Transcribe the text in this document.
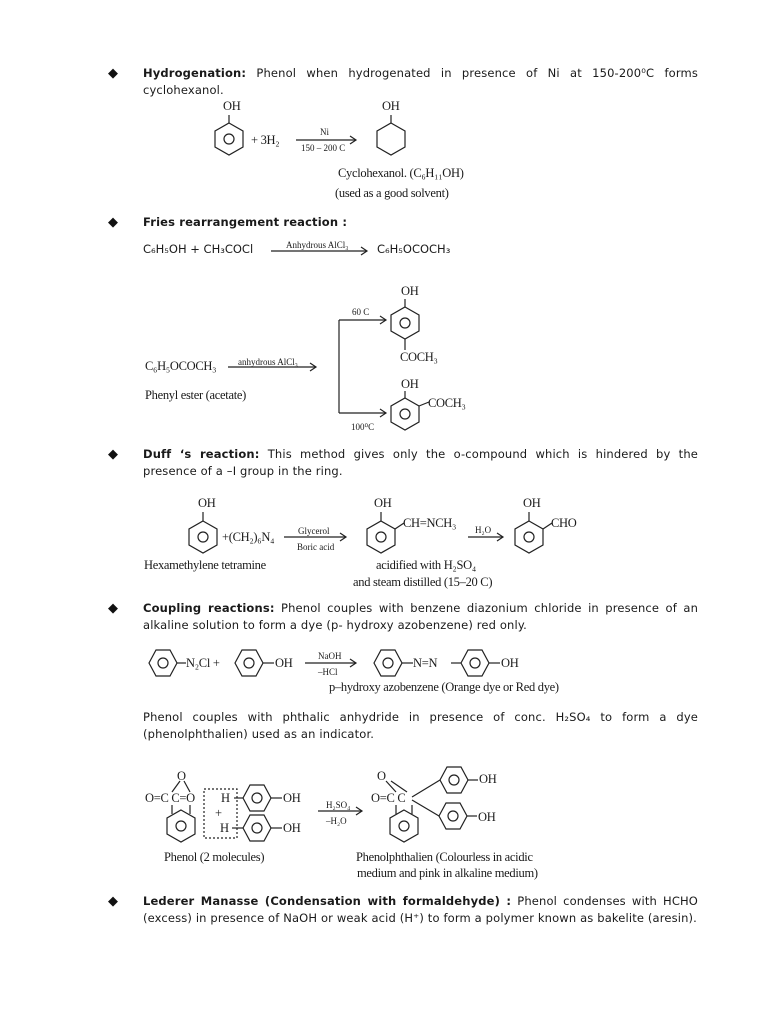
◆
◆
◆
◆
◆
Hydrogenation: Phenol when hydrogenated in presence of Ni at 150-200⁰C forms cyclohexanol.
OH
+ 3H₂
Ni
150 – 200 C
OH
Cyclohexanol. (C₆H₁₁OH)
(used as a good solvent)
Fries rearrangement reaction :
C₆H₅OH + CH₃COCl	Anhydrous AlCl₃ C₆H₅OCOCH₃
OH
60 C
COCH₃
C₆H₅OCOCH₃ anhydrous AlCl₃
OH
Phenyl ester (acetate)
COCH₃
100⁰C
Duff ‘s reaction: This method gives only the o-compound which is hindered by the presence of a –I group in the ring.
OH	OH	OH
CH=NCH₃	CHO
Glycerol	H₂O
+(CH₂)₆N₄
Boric acid
Hexamethylene tetramine	acidified with H₂SO₄
and steam distilled (15–20 C)
Coupling reactions: Phenol couples with benzene diazonium chloride in presence of an alkaline solution to form a dye (p- hydroxy azobenzene) red only.
NaOH
N₂Cl +	OH	N=N	OH
–HCl
p–hydroxy azobenzene (Orange dye or Red dye)
Phenol couples with phthalic anhydride in presence of conc. H₂SO₄ to form a dye (phenolphthalien) used as an indicator.
O	O	OH
O=C C=O H	OH	O=C C
H₂SO₄
+	OH
–H₂O
H	OH
Phenol (2 molecules)	Phenolphthalien (Colourless in acidic
medium and pink in alkaline medium)
Lederer Manasse (Condensation with formaldehyde) : Phenol condenses with HCHO (excess) in presence of NaOH or weak acid (H⁺) to form a polymer known as bakelite (aresin).
